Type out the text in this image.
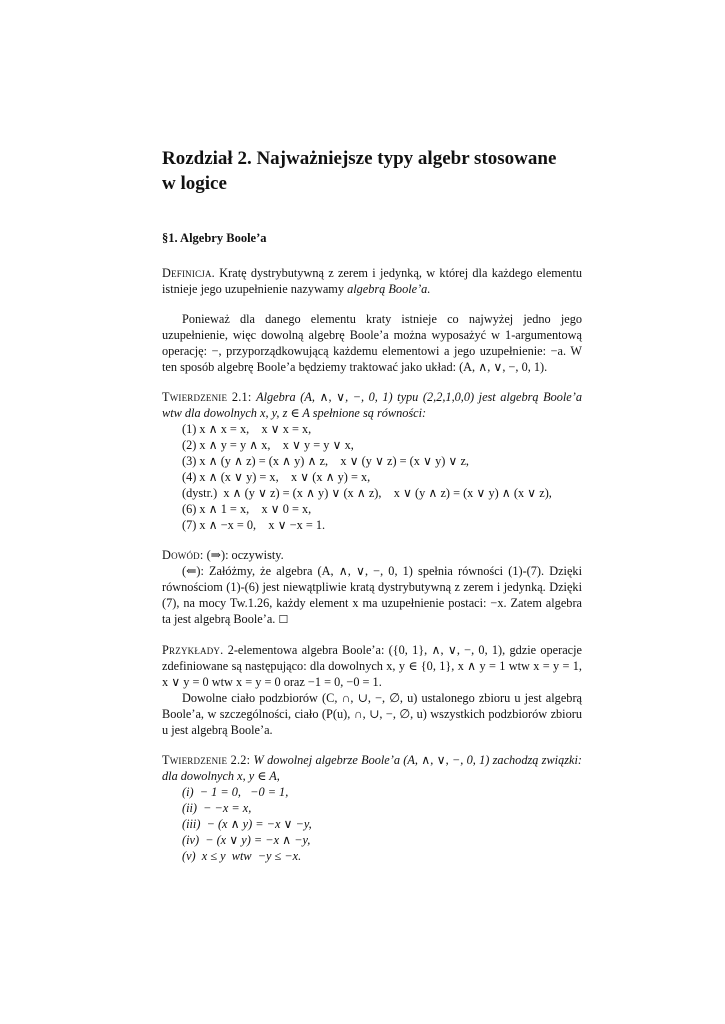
Rozdział 2. Najważniejsze typy algebr stosowane
w logice
§1. Algebry Boole’a

Definicja. Kratę dystrybutywną z zerem i jedynką, w której dla każdego elementu istnieje jego uzupełnienie nazywamy algebrą Boole’a.

Ponieważ dla danego elementu kraty istnieje co najwyżej jedno jego uzupełnienie, więc dowolną algebrę Boole’a można wyposażyć w 1-argumentową operację: −, przyporządkowującą każdemu elementowi a jego uzupełnienie: −a. W ten sposób algebrę Boole’a będziemy traktować jako układ: (A, ∧, ∨, −, 0, 1).

Twierdzenie 2.1: Algebra (A, ∧, ∨, −, 0, 1) typu (2,2,1,0,0) jest algebrą Boole’a wtw dla dowolnych x, y, z ∈ A spełnione są równości:

(1) x ∧ x = x,    x ∨ x = x,
(2) x ∧ y = y ∧ x,    x ∨ y = y ∨ x,
(3) x ∧ (y ∧ z) = (x ∧ y) ∧ z,    x ∨ (y ∨ z) = (x ∨ y) ∨ z,
(4) x ∧ (x ∨ y) = x,    x ∨ (x ∧ y) = x,
(dystr.)  x ∧ (y ∨ z) = (x ∧ y) ∨ (x ∧ z),    x ∨ (y ∧ z) = (x ∨ y) ∧ (x ∨ z),
(6) x ∧ 1 = x,    x ∨ 0 = x,
(7) x ∧ −x = 0,    x ∨ −x = 1.

Dowód: (⇒): oczywisty.

(⇐): Załóżmy, że algebra (A, ∧, ∨, −, 0, 1) spełnia równości (1)-(7). Dzięki równościom (1)-(6) jest niewątpliwie kratą dystrybutywną z zerem i jedynką. Dzięki (7), na mocy Tw.1.26, każdy element x ma uzupełnienie postaci: −x. Zatem algebra ta jest algebrą Boole’a. ☐

Przykłady. 2-elementowa algebra Boole’a: ({0, 1}, ∧, ∨, −, 0, 1), gdzie operacje zdefiniowane są następująco: dla dowolnych x, y ∈ {0, 1}, x ∧ y = 1 wtw x = y = 1, x ∨ y = 0 wtw x = y = 0 oraz −1 = 0, −0 = 1.

Dowolne ciało podzbiorów (C, ∩, ∪, −, ∅, u) ustalonego zbioru u jest algebrą Boole’a, w szczególności, ciało (P(u), ∩, ∪, −, ∅, u) wszystkich podzbiorów zbioru u jest algebrą Boole’a.

Twierdzenie 2.2: W dowolnej algebrze Boole’a (A, ∧, ∨, −, 0, 1) zachodzą związki: dla dowolnych x, y ∈ A,

(i)  − 1 = 0,   −0 = 1,
(ii)  − −x = x,
(iii)  − (x ∧ y) = −x ∨ −y,
(iv)  − (x ∨ y) = −x ∧ −y,
(v)  x ≤ y  wtw  −y ≤ −x.
